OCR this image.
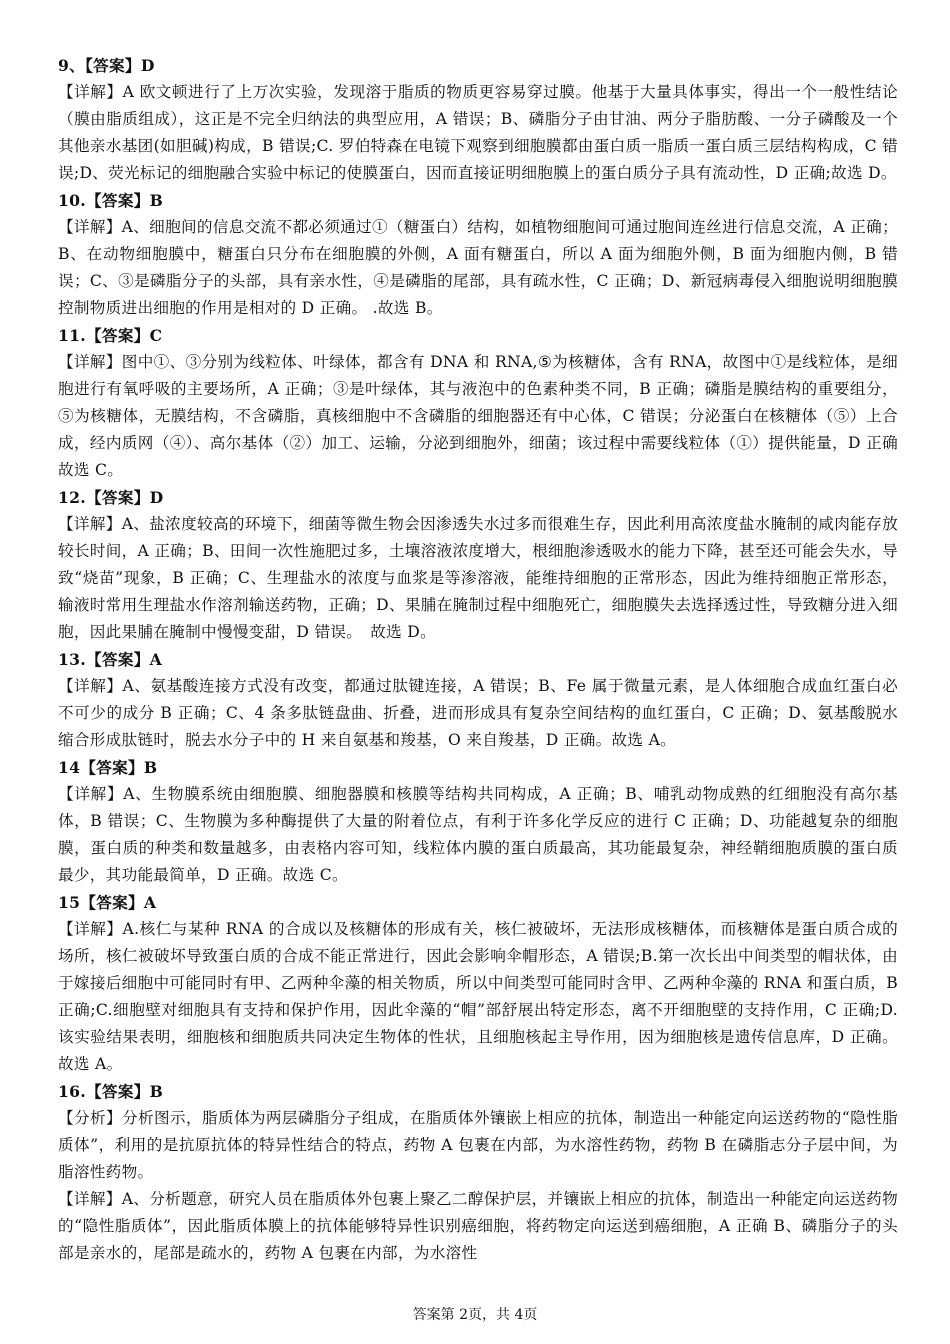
9、【答案】D

【详解】A 欧文顿进行了上万次实验，发现溶于脂质的物质更容易穿过膜。他基于大量具体事实，得出一个一般性结论（膜由脂质组成），这正是不完全归纳法的典型应用，A 错误；B、磷脂分子由甘油、两分子脂肪酸、一分子磷酸及一个其他亲水基团(如胆碱)构成，B 错误;C. 罗伯特森在电镜下观察到细胞膜都由蛋白质一脂质一蛋白质三层结构构成，C 错误;D、荧光标记的细胞融合实验中标记的使膜蛋白，因而直接证明细胞膜上的蛋白质分子具有流动性，D 正确;故选 D。

10.【答案】B

【详解】A、细胞间的信息交流不都必须通过①（糖蛋白）结构，如植物细胞间可通过胞间连丝进行信息交流，A 正确；B、在动物细胞膜中，糖蛋白只分布在细胞膜的外侧，A 面有糖蛋白，所以 A 面为细胞外侧，B 面为细胞内侧，B 错误；C、③是磷脂分子的头部，具有亲水性，④是磷脂的尾部，具有疏水性，C 正确；D、新冠病毒侵入细胞说明细胞膜控制物质进出细胞的作用是相对的 D 正确。 .故选 B。

11.【答案】C

【详解】图中①、③分别为线粒体、叶绿体，都含有 DNA 和 RNA,⑤为核糖体，含有 RNA，故图中①是线粒体，是细胞进行有氧呼吸的主要场所，A 正确；③是叶绿体，其与液泡中的色素种类不同，B 正确；磷脂是膜结构的重要组分，⑤为核糖体，无膜结构，不含磷脂，真核细胞中不含磷脂的细胞器还有中心体，C 错误；分泌蛋白在核糖体（⑤）上合成，经内质网（④）、高尔基体（②）加工、运输，分泌到细胞外，细菌；该过程中需要线粒体（①）提供能量，D 正确　故选 C。

12.【答案】D

【详解】A、盐浓度较高的环境下，细菌等微生物会因渗透失水过多而很难生存，因此利用高浓度盐水腌制的咸肉能存放较长时间，A 正确；B、田间一次性施肥过多，土壤溶液浓度增大，根细胞渗透吸水的能力下降，甚至还可能会失水，导致“烧苗”现象，B 正确；C、生理盐水的浓度与血浆是等渗溶液，能维持细胞的正常形态，因此为维持细胞正常形态，输液时常用生理盐水作溶剂输送药物，正确；D、果脯在腌制过程中细胞死亡，细胞膜失去选择透过性，导致糖分进入细胞，因此果脯在腌制中慢慢变甜，D 错误。　故选 D。

13.【答案】A

【详解】A、氨基酸连接方式没有改变，都通过肽键连接，A 错误；B、Fe 属于微量元素，是人体细胞合成血红蛋白必不可少的成分 B 正确；C、4 条多肽链盘曲、折叠，进而形成具有复杂空间结构的血红蛋白，C 正确；D、氨基酸脱水缩合形成肽链时，脱去水分子中的 H 来自氨基和羧基，O 来自羧基，D 正确。故选 A。

14【答案】B

【详解】A、生物膜系统由细胞膜、细胞器膜和核膜等结构共同构成，A 正确；B、哺乳动物成熟的红细胞没有高尔基体，B 错误；C、生物膜为多种酶提供了大量的附着位点，有利于许多化学反应的进行 C 正确；D、功能越复杂的细胞膜，蛋白质的种类和数量越多，由表格内容可知，线粒体内膜的蛋白质最高，其功能最复杂，神经鞘细胞质膜的蛋白质最少，其功能最简单，D 正确。故选 C。

15【答案】A

【详解】A.核仁与某种 RNA 的合成以及核糖体的形成有关，核仁被破坏，无法形成核糖体，而核糖体是蛋白质合成的场所，核仁被破坏导致蛋白质的合成不能正常进行，因此会影响伞帽形态，A 错误;B.第一次长出中间类型的帽状体，由于嫁接后细胞中可能同时有甲、乙两种伞藻的相关物质，所以中间类型可能同时含甲、乙两种伞藻的 RNA 和蛋白质，B 正确;C.细胞壁对细胞具有支持和保护作用，因此伞藻的“帽”部舒展出特定形态，离不开细胞壁的支持作用，C 正确;D.该实验结果表明，细胞核和细胞质共同决定生物体的性状，且细胞核起主导作用，因为细胞核是遗传信息库，D 正确。故选 A。

16.【答案】B

【分析】分析图示，脂质体为两层磷脂分子组成，在脂质体外镶嵌上相应的抗体，制造出一种能定向运送药物的“隐性脂质体”，利用的是抗原抗体的特异性结合的特点，药物 A 包裹在内部，为水溶性药物，药物 B 在磷脂志分子层中间，为脂溶性药物。

【详解】A、分析题意，研究人员在脂质体外包裹上聚乙二醇保护层，并镶嵌上相应的抗体，制造出一种能定向运送药物的“隐性脂质体”，因此脂质体膜上的抗体能够特异性识别癌细胞，将药物定向运送到癌细胞，A 正确 B、磷脂分子的头部是亲水的，尾部是疏水的，药物 A 包裹在内部，为水溶性

答案第 2页，共 4页
